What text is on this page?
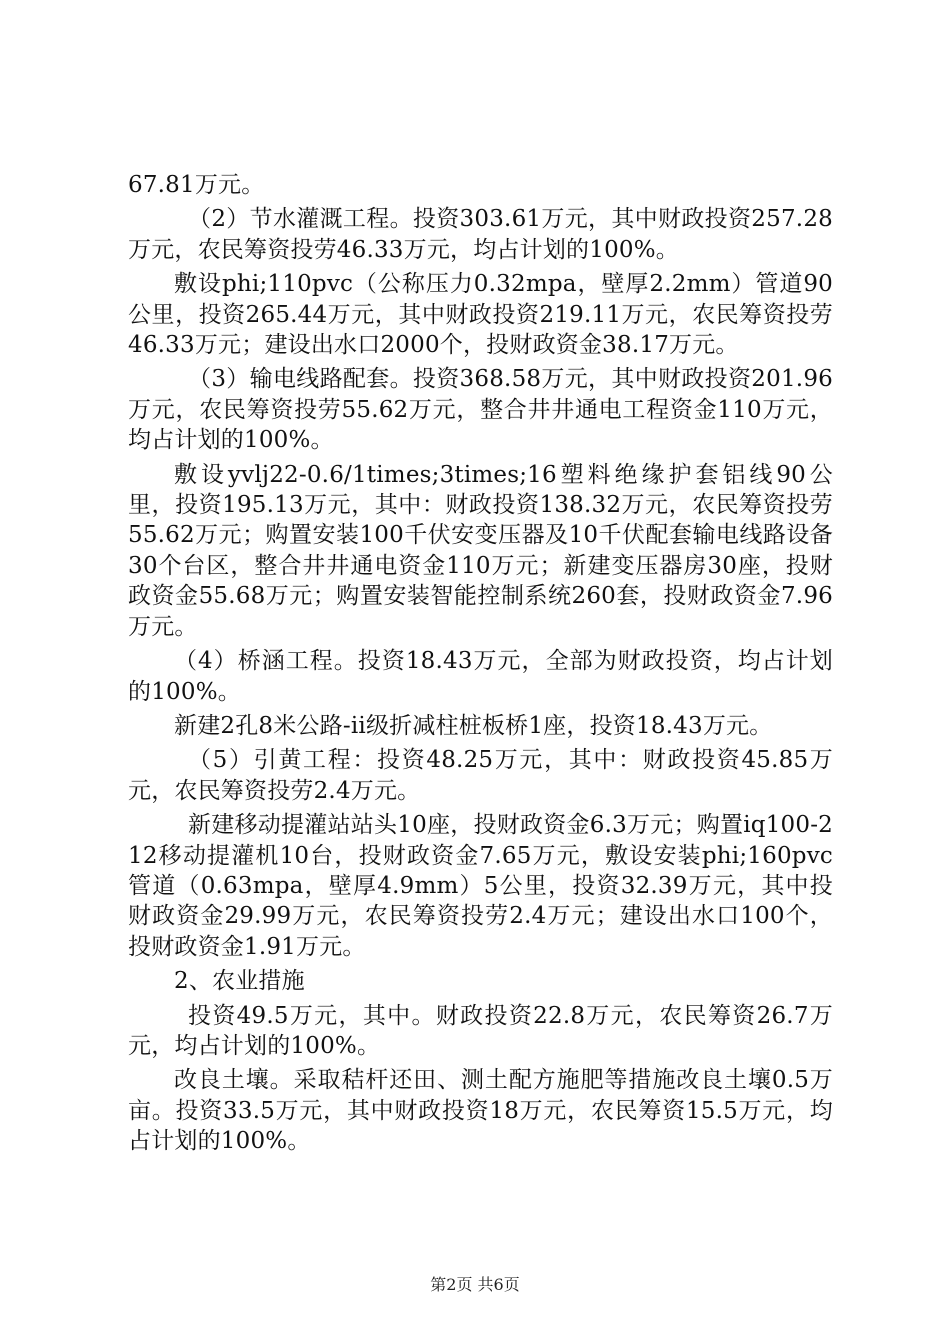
67.81万元。

（2）节水灌溉工程。投资303.61万元，其中财政投资257.28万元，农民筹资投劳46.33万元，均占计划的100%。

敷设phi;110pvc（公称压力0.32mpa，壁厚2.2mm）管道90公里，投资265.44万元，其中财政投资219.11万元，农民筹资投劳46.33万元；建设出水口2000个，投财政资金38.17万元。

（3）输电线路配套。投资368.58万元，其中财政投资201.96万元，农民筹资投劳55.62万元，整合井井通电工程资金110万元，均占计划的100%。

敷设yvlj22-0.6/1times;3times;16塑料绝缘护套铝线90公里，投资195.13万元，其中：财政投资138.32万元，农民筹资投劳55.62万元；购置安装100千伏安变压器及10千伏配套输电线路设备30个台区，整合井井通电资金110万元；新建变压器房30座，投财政资金55.68万元；购置安装智能控制系统260套，投财政资金7.96万元。

（4）桥涵工程。投资18.43万元，全部为财政投资，均占计划的100%。

新建2孔8米公路-ii级折减柱桩板桥1座，投资18.43万元。

（5）引黄工程：投资48.25万元，其中：财政投资45.85万元，农民筹资投劳2.4万元。

新建移动提灌站站头10座，投财政资金6.3万元；购置iq100-212移动提灌机10台，投财政资金7.65万元，敷设安装phi;160pvc管道（0.63mpa，壁厚4.9mm）5公里，投资32.39万元，其中投财政资金29.99万元，农民筹资投劳2.4万元；建设出水口100个，投财政资金1.91万元。

2、农业措施

投资49.5万元，其中。财政投资22.8万元，农民筹资26.7万元，均占计划的100%。

改良土壤。采取秸杆还田、测土配方施肥等措施改良土壤0.5万亩。投资33.5万元，其中财政投资18万元，农民筹资15.5万元，均占计划的100%。

第2页 共6页
